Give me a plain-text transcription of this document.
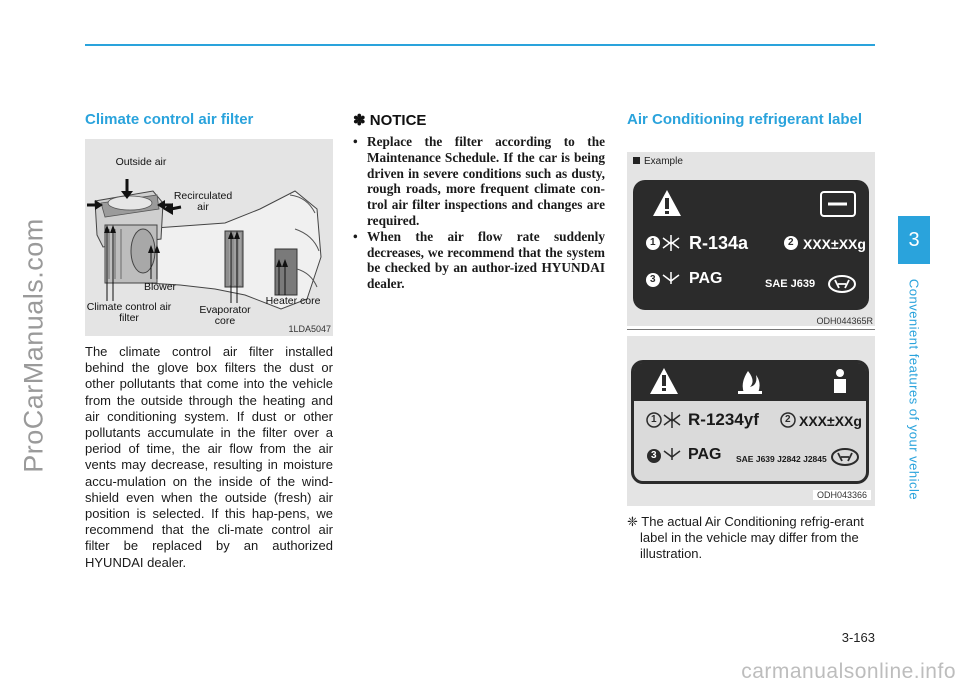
ProCarManuals.com
carmanualsonline.info
3
Convenient features of your vehicle
3-163
Climate control air filter
Outside air
Recirculated air
Blower
Climate control air filter
Evaporator core
Heater core
1LDA5047

The climate control air filter installed behind the glove box filters the dust or other pollutants that come into the vehicle from the outside through the heating and air conditioning system. If dust or other pollutants accumulate in the filter over a period of time, the air flow from the air vents may decrease, resulting in moisture accu-mulation on the inside of the wind-shield even when the outside (fresh) air position is selected. If this hap-pens, we recommend that the cli-mate control air filter be replaced by an authorized HYUNDAI dealer.

✽ NOTICE
• Replace the filter according to the Maintenance Schedule. If the car is being driven in severe conditions such as dusty, rough roads, more frequent climate con-trol air filter inspections and changes are required.
• When the air flow rate suddenly decreases, we recommend that the system be checked by an author-ized HYUNDAI dealer.
Air Conditioning refrigerant label
Example
1
3
2
R-134a	XXX±XXg
PAG	SAE J639
ODH044365R
1
3
2
R-1234yf	XXX±XXg
PAG SAE J639 J2842 J2845
ODH043366

❈ The actual Air Conditioning refrig-erant label in the vehicle may differ from the illustration.
